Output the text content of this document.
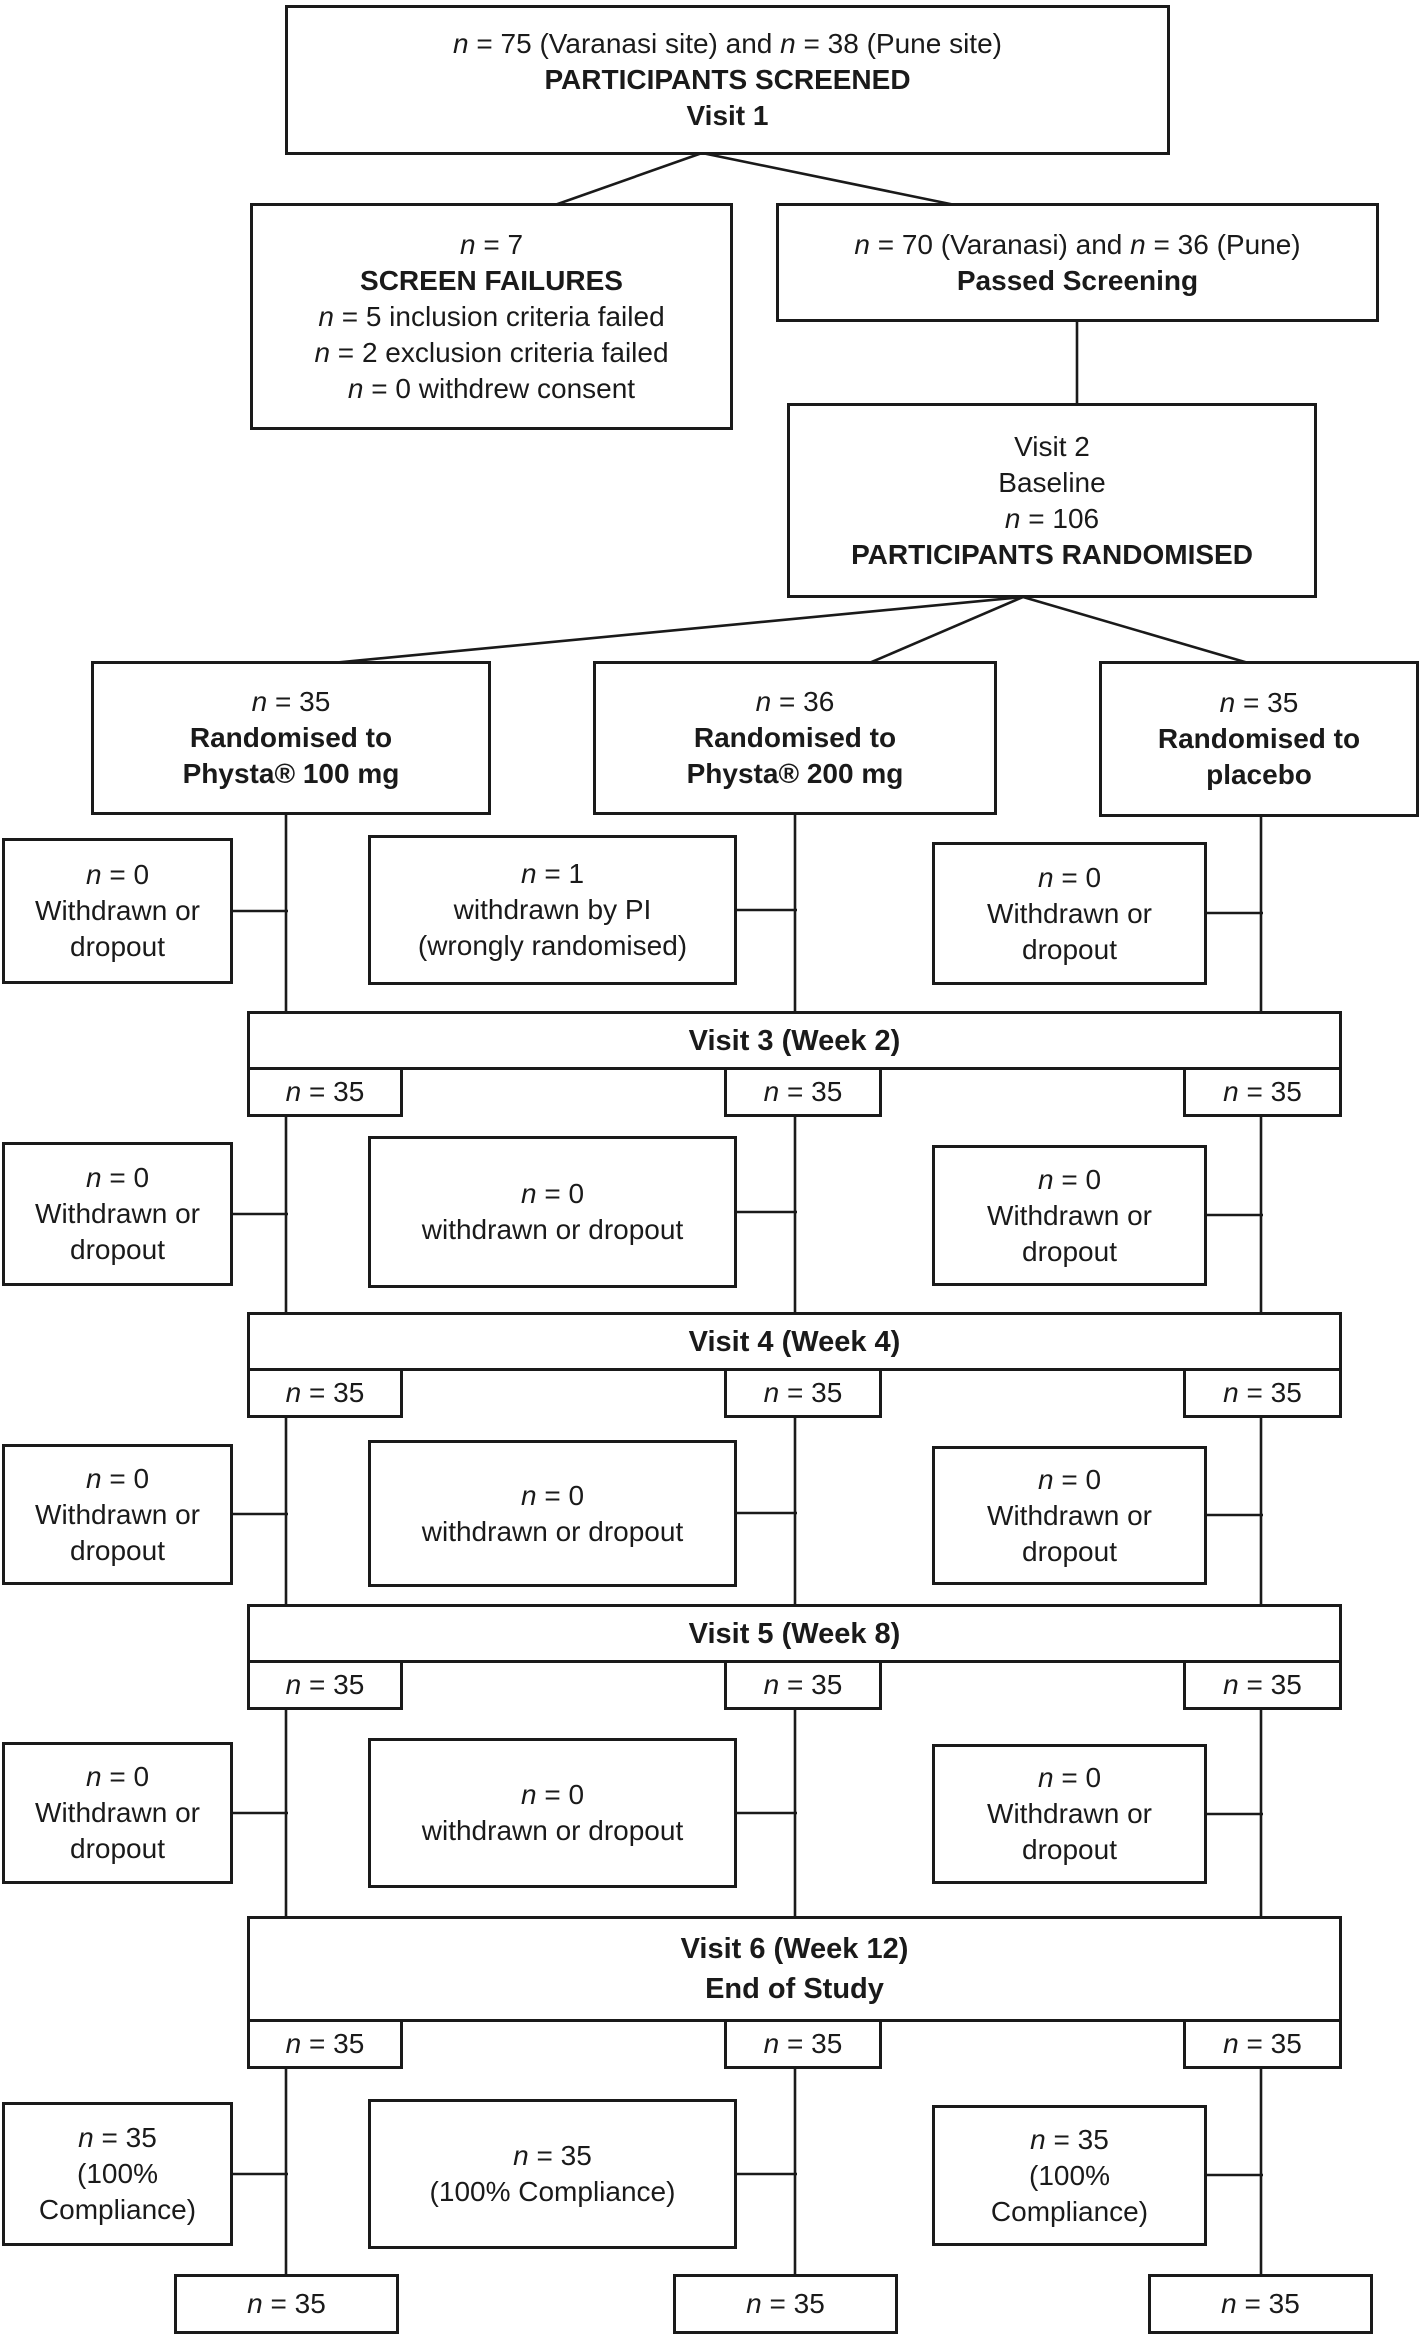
n = 75 (Varanasi site) and n = 38 (Pune site)
PARTICIPANTS SCREENED
Visit 1
n = 7
SCREEN FAILURES
n = 5 inclusion criteria failed
n = 2 exclusion criteria failed
n = 0 withdrew consent
n = 70 (Varanasi) and n = 36 (Pune)
Passed Screening
Visit 2
Baseline
n = 106
PARTICIPANTS RANDOMISED
n = 35
Randomised to
Physta® 100 mg
n = 36
Randomised to
Physta® 200 mg
n = 35
Randomised to
placebo
n = 0
Withdrawn or
dropout
n = 1
withdrawn by PI
(wrongly randomised)
n = 0
Withdrawn or
dropout
Visit 3 (Week 2)
n = 35	n = 35	n = 35
n = 0
Withdrawn or
dropout
n = 0
withdrawn or dropout
n = 0
Withdrawn or
dropout
Visit 4 (Week 4)
n = 35	n = 35	n = 35
n = 0
Withdrawn or
dropout
n = 0
withdrawn or dropout
n = 0
Withdrawn or
dropout
Visit 5 (Week 8)
n = 35	n = 35	n = 35
n = 0
Withdrawn or
dropout
n = 0
withdrawn or dropout
n = 0
Withdrawn or
dropout
Visit 6 (Week 12)
End of Study
n = 35	n = 35	n = 35
n = 35
(100%
Compliance)
n = 35
(100% Compliance)
n = 35
(100%
Compliance)
n = 35	n = 35	n = 35
